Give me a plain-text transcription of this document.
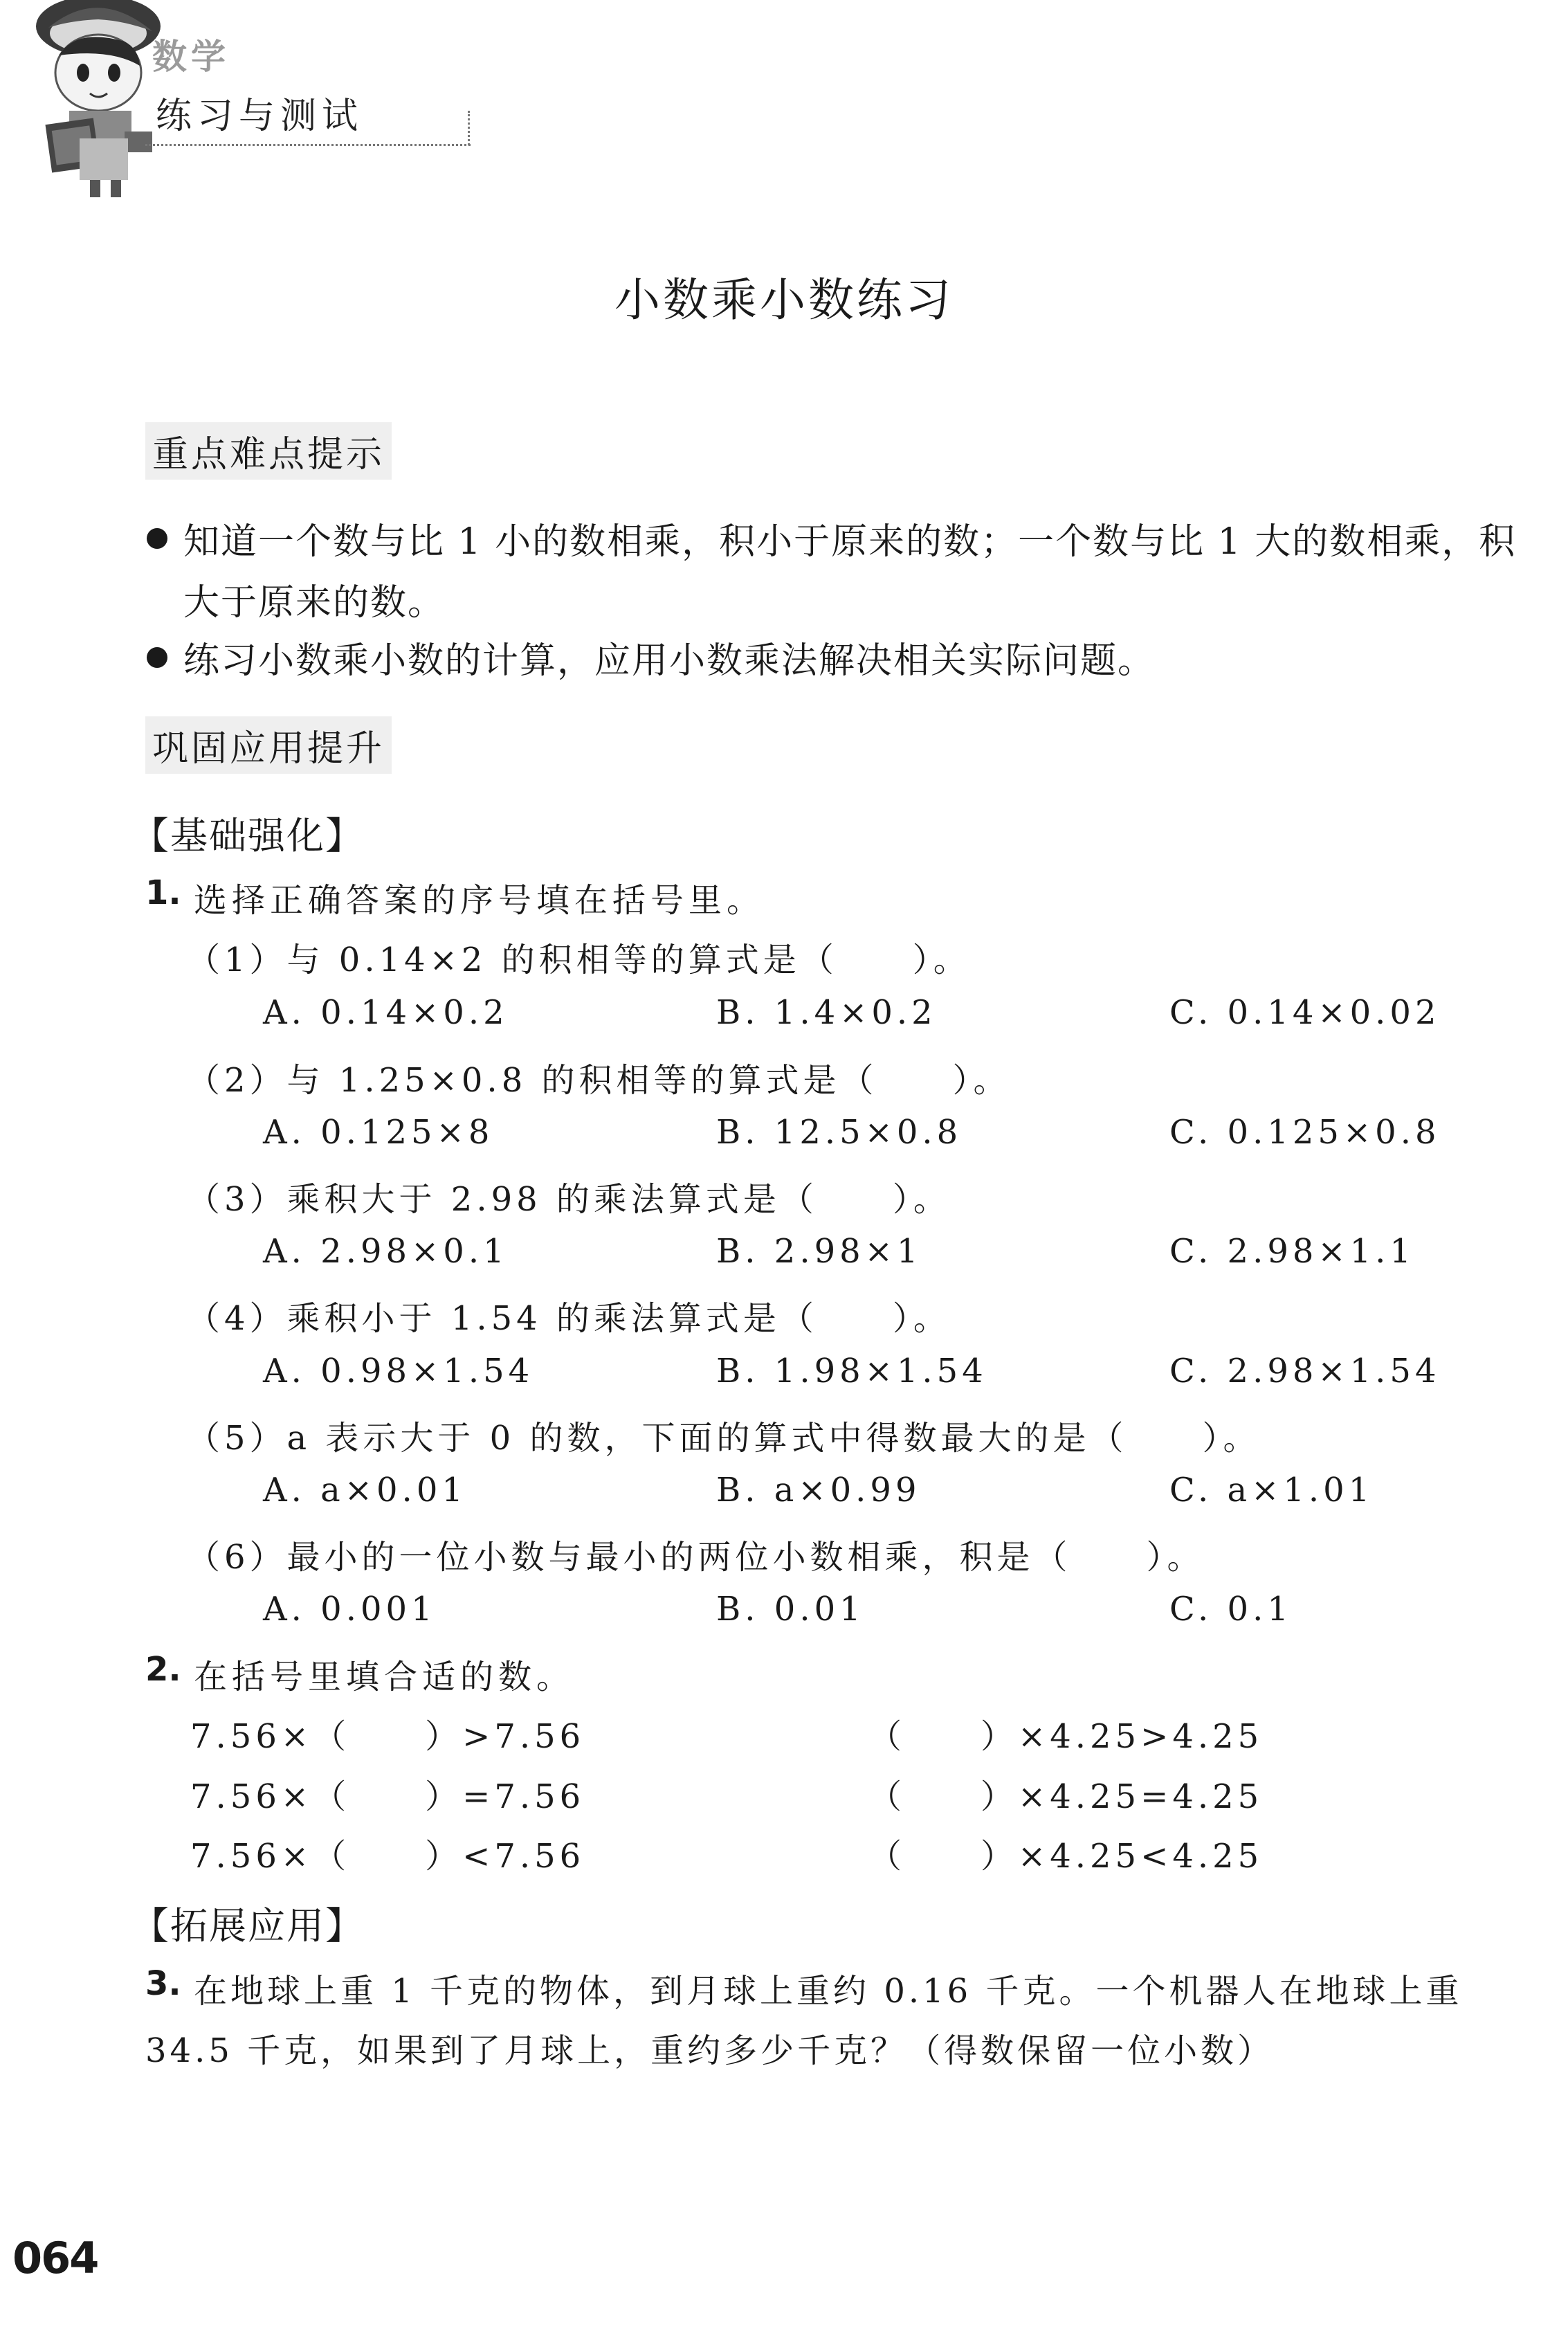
数学
练习与测试
小数乘小数练习
重点难点提示
知道一个数与比 1 小的数相乘，积小于原来的数；一个数与比 1 大的数相乘，积
大于原来的数。
练习小数乘小数的计算，应用小数乘法解决相关实际问题。
巩固应用提升
【基础强化】
1. 选择正确答案的序号填在括号里。
（1）与 0.14×2 的积相等的算式是（　　）。
A. 0.14×0.2	B. 1.4×0.2	C. 0.14×0.02
（2）与 1.25×0.8 的积相等的算式是（　　）。
A. 0.125×8	B. 12.5×0.8	C. 0.125×0.8
（3）乘积大于 2.98 的乘法算式是（　　）。
A. 2.98×0.1	B. 2.98×1	C. 2.98×1.1
（4）乘积小于 1.54 的乘法算式是（　　）。
A. 0.98×1.54	B. 1.98×1.54	C. 2.98×1.54
（5）a 表示大于 0 的数，下面的算式中得数最大的是（　　）。
A. a×0.01	B. a×0.99	C. a×1.01
（6）最小的一位小数与最小的两位小数相乘，积是（　　）。
A. 0.001	B. 0.01	C. 0.1
2. 在括号里填合适的数。
7.56×（　　）>7.56	（　　）×4.25>4.25
7.56×（　　）=7.56	（　　）×4.25=4.25
7.56×（　　）<7.56	（　　）×4.25<4.25
【拓展应用】
3. 在地球上重 1 千克的物体，到月球上重约 0.16 千克。一个机器人在地球上重
34.5 千克，如果到了月球上，重约多少千克？（得数保留一位小数）
064
